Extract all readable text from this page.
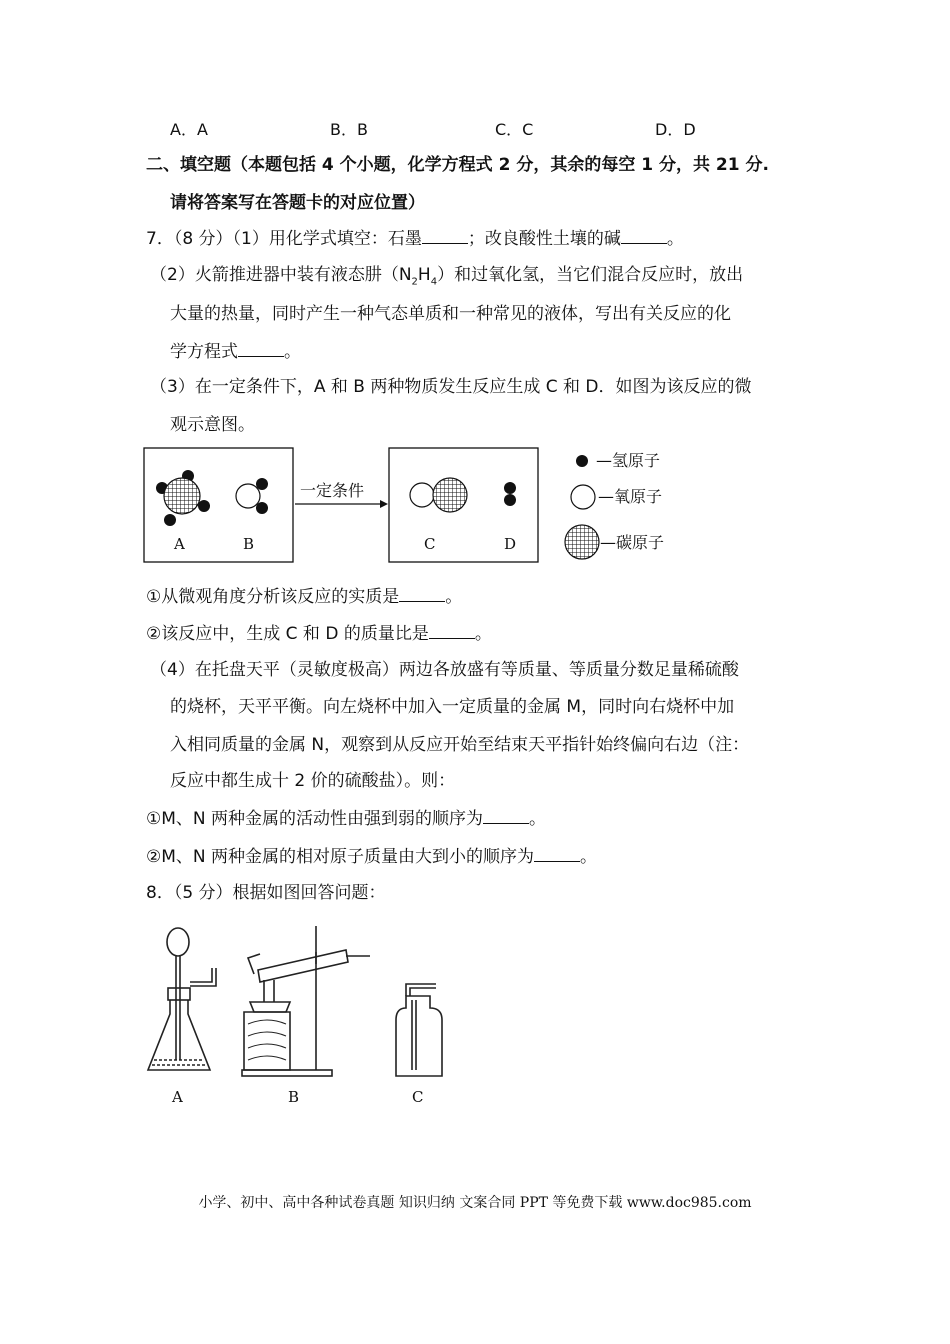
A．A	B．B	C．C	D．D
二、填空题（本题包括 4 个小题，化学方程式 2 分，其余的每空 1 分，共 21 分.
请将答案写在答题卡的对应位置）
7．（8 分）（1）用化学式填空：石墨	；改良酸性土壤的碱	。
（2）火箭推进器中装有液态肼$(N_2H_4)$和过氧化氢，当它们混合反应时，放出
大量的热量，同时产生一种气态单质和一种常见的液体，写出有关反应的化
学方程式	。
（3）在一定条件下，A 和 B 两种物质发生反应生成 C 和 D．如图为该反应的微
观示意图。
A	B
一定条件
C	D
—氢原子
—氧原子
—碳原子
①从微观角度分析该反应的实质是	。
②该反应中，生成 C 和 D 的质量比是	。
（4）在托盘天平（灵敏度极高）两边各放盛有等质量、等质量分数足量稀硫酸
的烧杯，天平平衡。向左烧杯中加入一定质量的金属 M，同时向右烧杯中加
入相同质量的金属 N，观察到从反应开始至结束天平指针始终偏向右边（注：
反应中都生成十 2 价的硫酸盐）。则：
①M、N 两种金属的活动性由强到弱的顺序为	。
②M、N 两种金属的相对原子质量由大到小的顺序为	。
8．（5 分）根据如图回答问题：
A	B	C
小学、初中、高中各种试卷真题 知识归纳 文案合同 PPT 等免费下载 www.doc985.com
